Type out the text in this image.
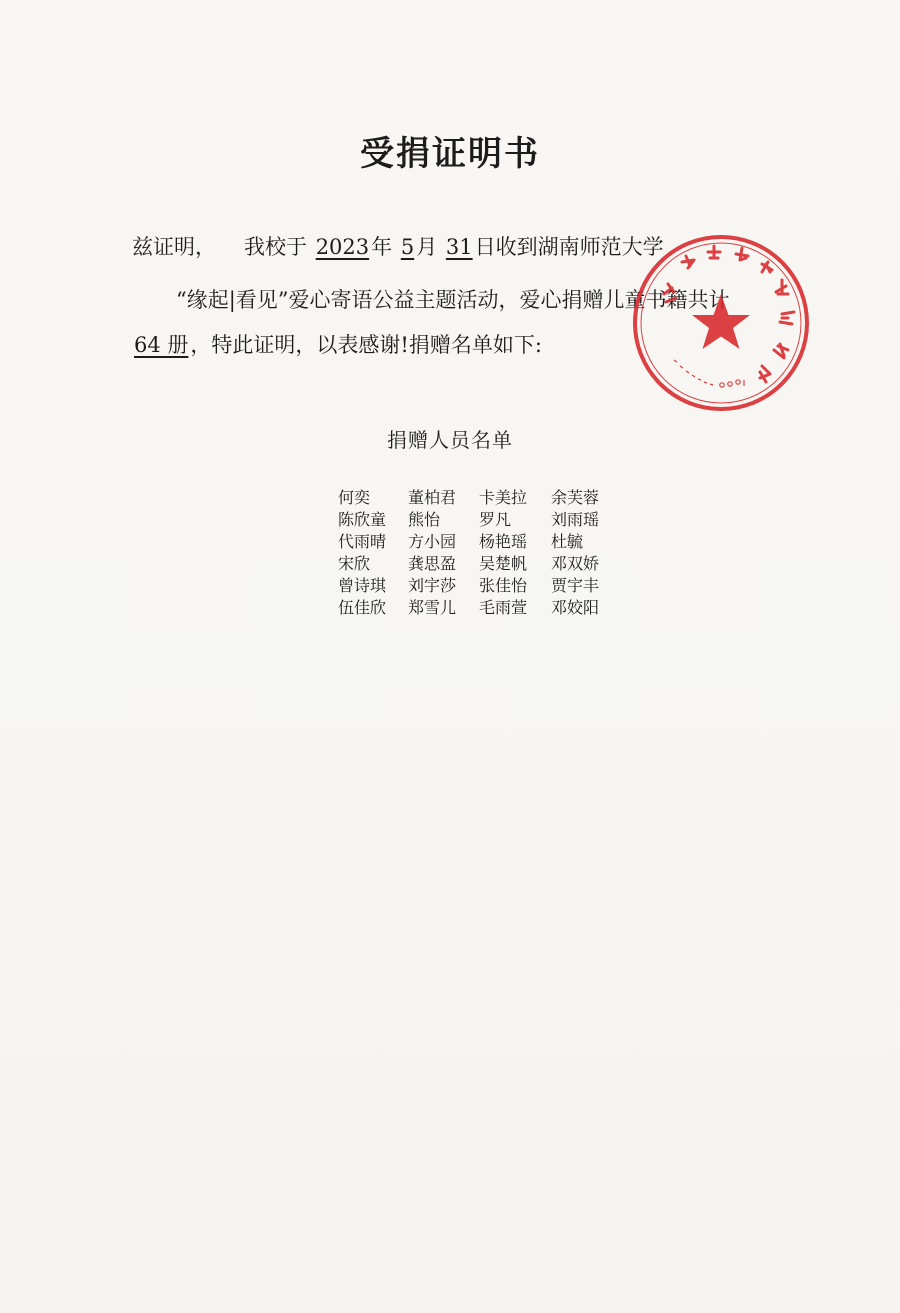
受捐证明书
兹证明， 我校于 2023年 5月 31日收到湖南师范大学
“缘起|看见”爱心寄语公益主题活动，爱心捐赠儿童书籍共计
64 册，特此证明，以表感谢!捐赠名单如下:
捐赠人员名单
何奕	董柏君	卡美拉	余芙蓉
陈欣童	熊怡	罗凡	刘雨瑶
代雨晴	方小园	杨艳瑶	杜毓
宋欣	龚思盈	吴楚帆	邓双娇
曾诗琪	刘宇莎	张佳怡	贾宇丰
伍佳欣	郑雪儿	毛雨萱	邓姣阳
